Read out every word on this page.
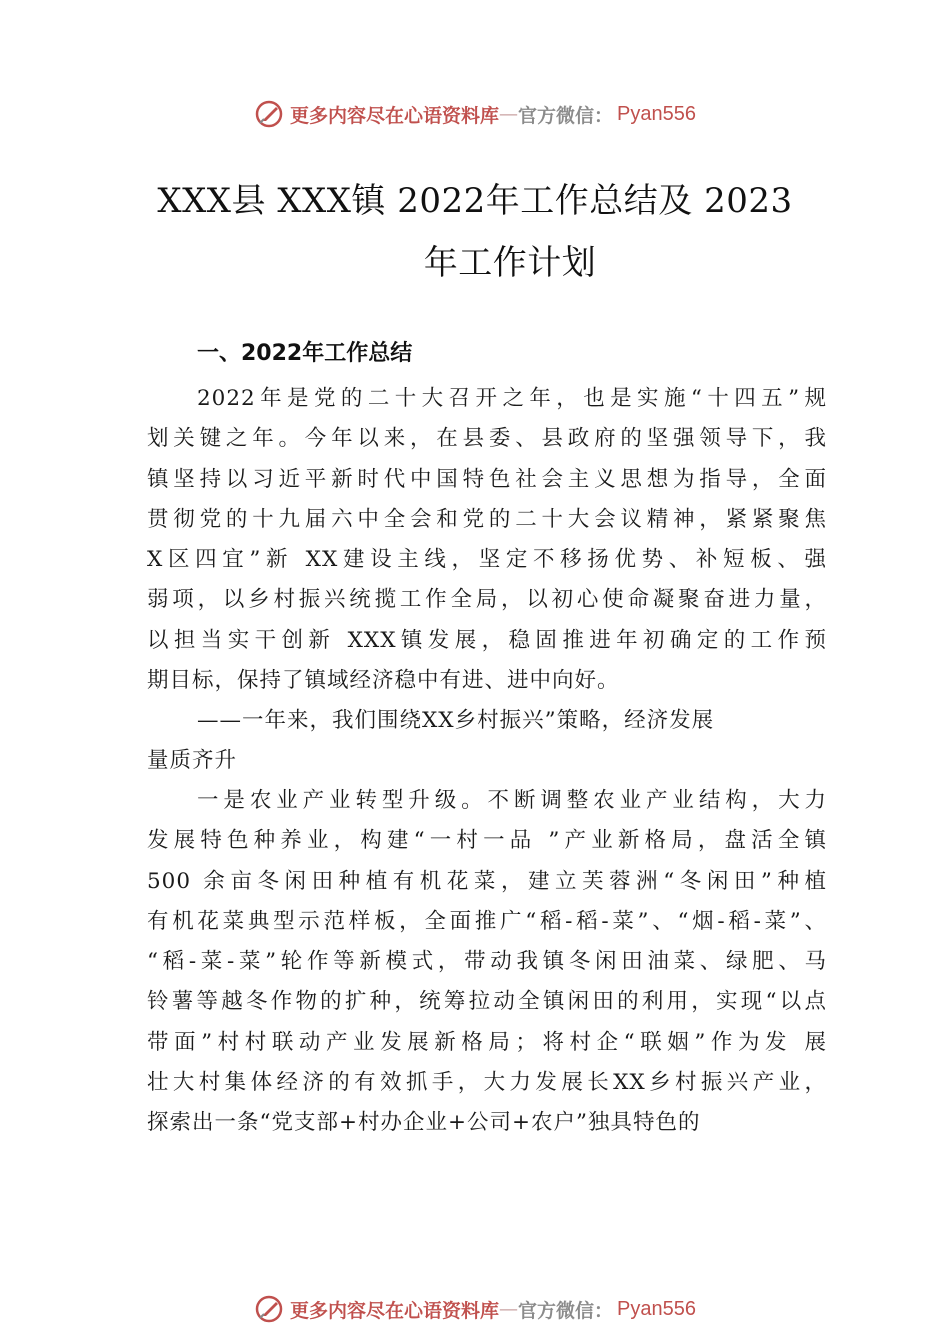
更多内容尽在心语资料库 — 官方微信： Pyan556
XXX县 XXX镇 2022年工作总结及 2023
年工作计划
一、2022年工作总结
2022年是党的二十大召开之年，也是实施“十四五”规
划关键之年。今年以来，在县委、县政府的坚强领导下，我
镇坚持以习近平新时代中国特色社会主义思想为指导，全面
贯彻党的十九届六中全会和党的二十大会议精神，紧紧聚焦
X区四宜”新 XX建设主线，坚定不移扬优势、补短板、强
弱项，以乡村振兴统揽工作全局，以初心使命凝聚奋进力量，
以担当实干创新 XXX镇发展，稳固推进年初确定的工作预
期目标，保持了镇域经济稳中有进、进中向好。
——一年来，我们围绕XX乡村振兴”策略，经济发展
量质齐升
一是农业产业转型升级。不断调整农业产业结构，大力
发展特色种养业，构建“一村一品 ”产业新格局，盘活全镇
500 余亩冬闲田种植有机花菜，建立芙蓉洲“冬闲田”种植
有机花菜典型示范样板，全面推广“稻-稻-菜”、“烟-稻-菜”、
“稻-菜-菜”轮作等新模式，带动我镇冬闲田油菜、绿肥、马
铃薯等越冬作物的扩种，统筹拉动全镇闲田的利用，实现“以点
带面”村村联动产业发展新格局；将村企“联姻”作为发 展
壮大村集体经济的有效抓手，大力发展长XX乡村振兴产业，
探索出一条“党支部+村办企业+公司+农户”独具特色的
更多内容尽在心语资料库 — 官方微信： Pyan556
